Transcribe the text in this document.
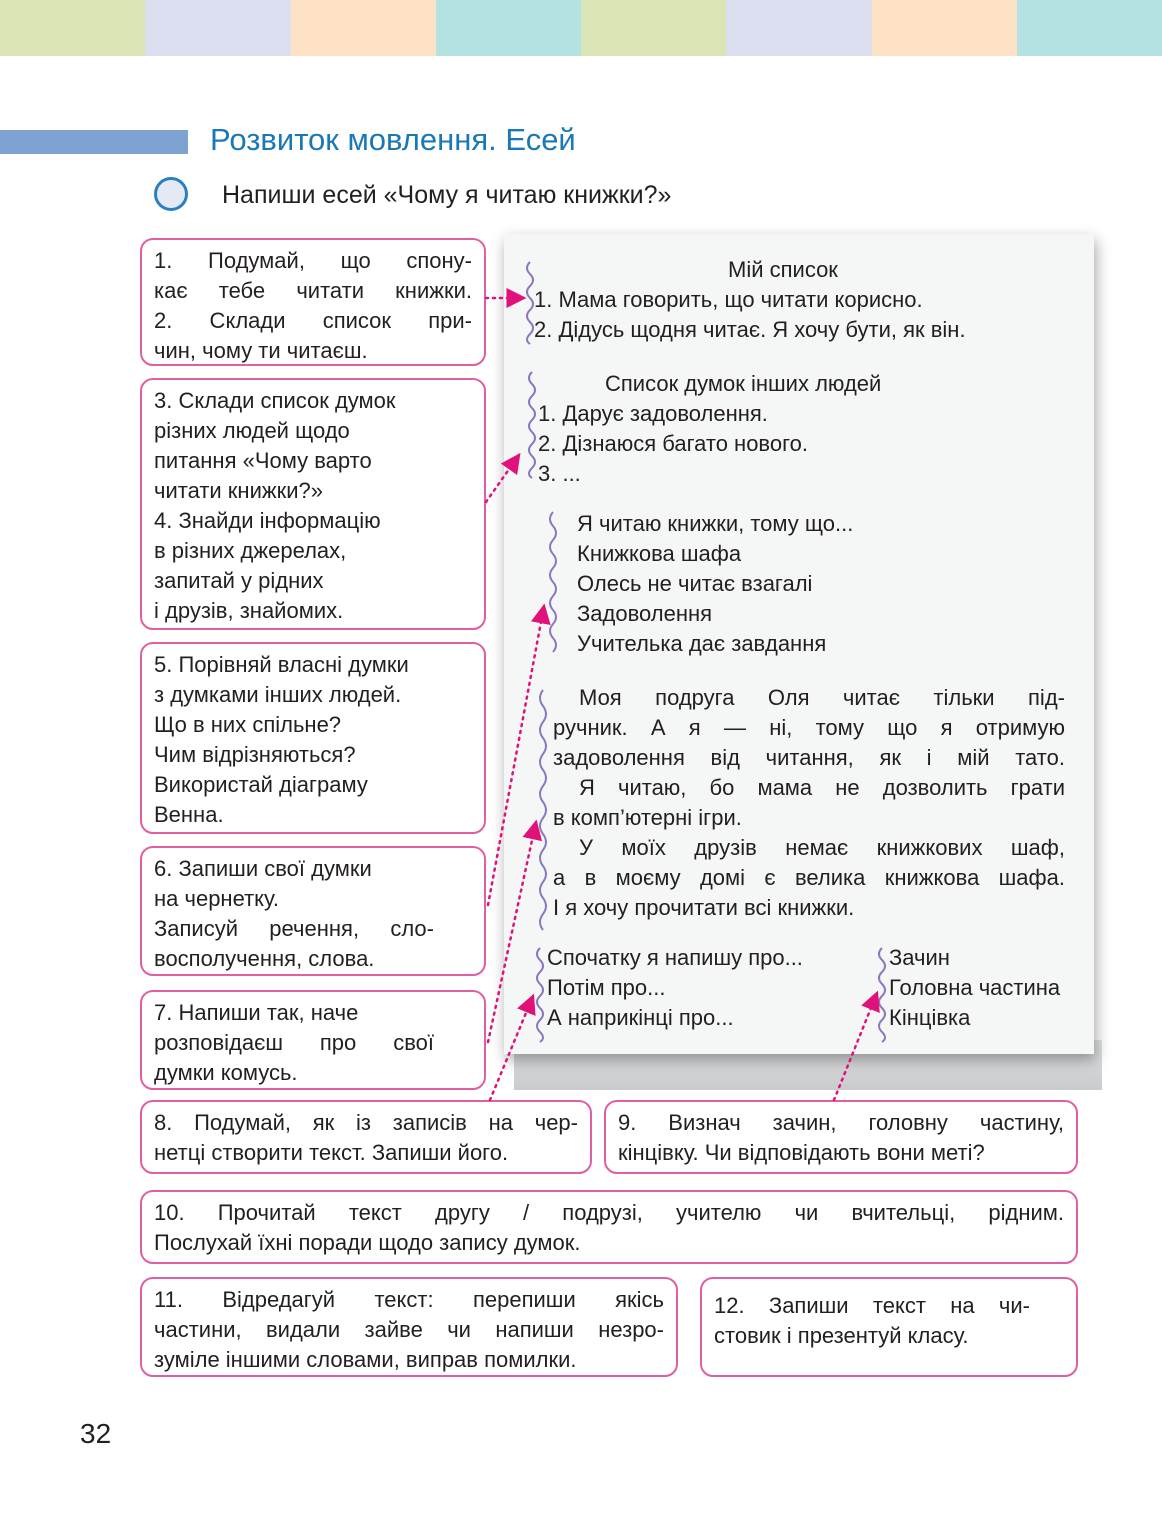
Розвиток мовлення. Есей
Напиши есей «Чому я читаю книжки?»
Мій список
1. Мама говорить, що читати корисно.
2. Дідусь щодня читає. Я хочу бути, як він.
Список думок інших людей
1. Дарує задоволення.
2. Дізнаюся багато нового.
3. ...
Я читаю книжки, тому що...
Книжкова шафа
Олесь не читає взагалі
Задоволення
Учителька дає завдання
Моя подруга Оля читає тільки під-
ручник. А я — ні, тому що я отримую
задоволення від читання, як і мій тато.
Я читаю, бо мама не дозволить грати
в комп’ютерні ігри.
У моїх друзів немає книжкових шаф,
а в моєму домі є велика книжкова шафа.
І я хочу прочитати всі книжки.
Спочатку я напишу про...
Потім про...
А наприкінці про...
Зачин
Головна частина
Кінцівка
1. Подумай, що спону-
кає тебе читати книжки.
2. Склади список при-
чин, чому ти читаєш.
3. Склади список думок
різних людей щодо
питання «Чому варто
читати книжки?»
4. Знайди інформацію
в різних джерелах,
запитай у рідних
і друзів, знайомих.
5. Порівняй власні думки
з думками інших людей.
Що в них спільне?
Чим відрізняються?
Використай діаграму
Венна.
6. Запиши свої думки
на чернетку.
Записуй речення, сло-
восполучення, слова.
7. Напиши так, наче
розповідаєш про свої
думки комусь.
8. Подумай, як із записів на чер-
нетці створити текст. Запиши його.
9. Визнач зачин, головну частину,
кінцівку. Чи відповідають вони меті?
10. Прочитай текст другу / подрузі, учителю чи вчительці, рідним.
Послухай їхні поради щодо запису думок.
11. Відредагуй текст: перепиши якісь
частини, видали зайве чи напиши незро-
зуміле іншими словами, виправ помилки.
12. Запиши текст на чи-
стовик і презентуй класу.
32
